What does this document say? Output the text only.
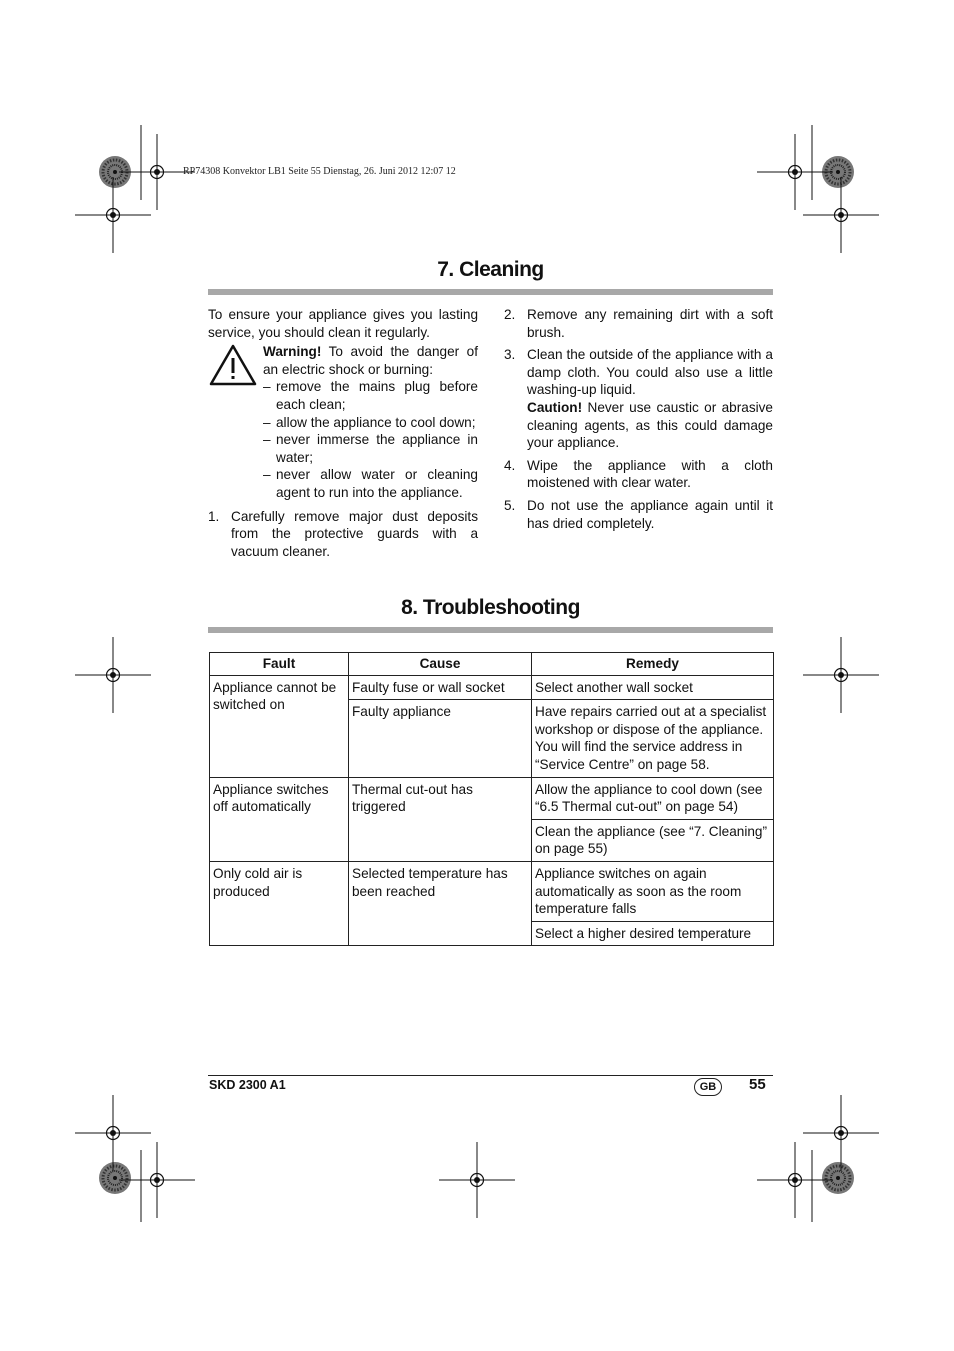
RP74308 Konvektor LB1 Seite 55 Dienstag, 26. Juni 2012 12:07 12
7. Cleaning

To ensure your appliance gives you lasting service, you should clean it regularly.

Warning! To avoid the danger of an electric shock or burning:

– remove the mains plug before each clean;
– allow the appliance to cool down;
– never immerse the appliance in water;
– never allow water or cleaning agent to run into the appliance.
1. Carefully remove major dust deposits from the protective guards with a vacuum cleaner.
2. Remove any remaining dirt with a soft brush.
3. Clean the outside of the appliance with a damp cloth. You could also use a little washing-up liquid.

Caution! Never use caustic or abrasive cleaning agents, as this could damage your appliance.

4. Wipe the appliance with a cloth moistened with clear water.
5. Do not use the appliance again until it has dried completely.
8. Troubleshooting
Fault	Cause	Remedy
Appliance cannot be switched on	Faulty fuse or wall socket	Select another wall socket
	Faulty appliance	Have repairs carried out at a specialist workshop or dispose of the appliance. You will find the service address in “Service Centre” on page 58.
Appliance switches off automatically	Thermal cut-out has triggered	Allow the appliance to cool down (see “6.5 Thermal cut-out” on page 54)
		Clean the appliance (see “7. Cleaning” on page 55)
Only cold air is produced	Selected temperature has been reached	Appliance switches on again automatically as soon as the room temperature falls
		Select a higher desired temperature
SKD 2300 A1	GB	55
